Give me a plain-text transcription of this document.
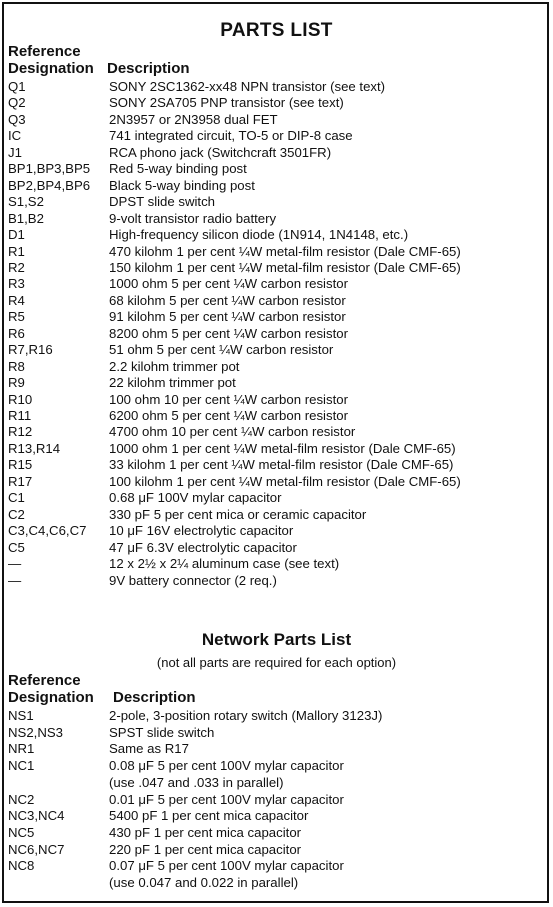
PARTS LIST
Reference
Designation Description
Q1	SONY 2SC1362-xx48 NPN transistor (see text)
Q2	SONY 2SA705 PNP transistor (see text)
Q3	2N3957 or 2N3958 dual FET
IC	741 integrated circuit, TO-5 or DIP-8 case
J1	RCA phono jack (Switchcraft 3501FR)
BP1,BP3,BP5	Red 5-way binding post
BP2,BP4,BP6	Black 5-way binding post
S1,S2	DPST slide switch
B1,B2	9-volt transistor radio battery
D1	High-frequency silicon diode (1N914, 1N4148, etc.)
R1	470 kilohm 1 per cent ¼W metal-film resistor (Dale CMF-65)
R2	150 kilohm 1 per cent ¼W metal-film resistor (Dale CMF-65)
R3	1000 ohm 5 per cent ¼W carbon resistor
R4	68 kilohm 5 per cent ¼W carbon resistor
R5	91 kilohm 5 per cent ¼W carbon resistor
R6	8200 ohm 5 per cent ¼W carbon resistor
R7,R16	51 ohm 5 per cent ¼W carbon resistor
R8	2.2 kilohm trimmer pot
R9	22 kilohm trimmer pot
R10	100 ohm 10 per cent ¼W carbon resistor
R11	6200 ohm 5 per cent ¼W carbon resistor
R12	4700 ohm 10 per cent ¼W carbon resistor
R13,R14	1000 ohm 1 per cent ¼W metal-film resistor (Dale CMF-65)
R15	33 kilohm 1 per cent ¼W metal-film resistor (Dale CMF-65)
R17	100 kilohm 1 per cent ¼W metal-film resistor (Dale CMF-65)
C1	0.68 μF 100V mylar capacitor
C2	330 pF 5 per cent mica or ceramic capacitor
C3,C4,C6,C7	10 μF 16V electrolytic capacitor
C5	47 μF 6.3V electrolytic capacitor
—	12 x 2½ x 2¼ aluminum case (see text)
—	9V battery connector (2 req.)
Network Parts List
(not all parts are required for each option)
Reference
Designation Description
NS1	2-pole, 3-position rotary switch (Mallory 3123J)
NS2,NS3	SPST slide switch
NR1	Same as R17
NC1	0.08 μF 5 per cent 100V mylar capacitor
(use .047 and .033 in parallel)
NC2	0.01 μF 5 per cent 100V mylar capacitor
NC3,NC4	5400 pF 1 per cent mica capacitor
NC5	430 pF 1 per cent mica capacitor
NC6,NC7	220 pF 1 per cent mica capacitor
NC8	0.07 μF 5 per cent 100V mylar capacitor
(use 0.047 and 0.022 in parallel)
